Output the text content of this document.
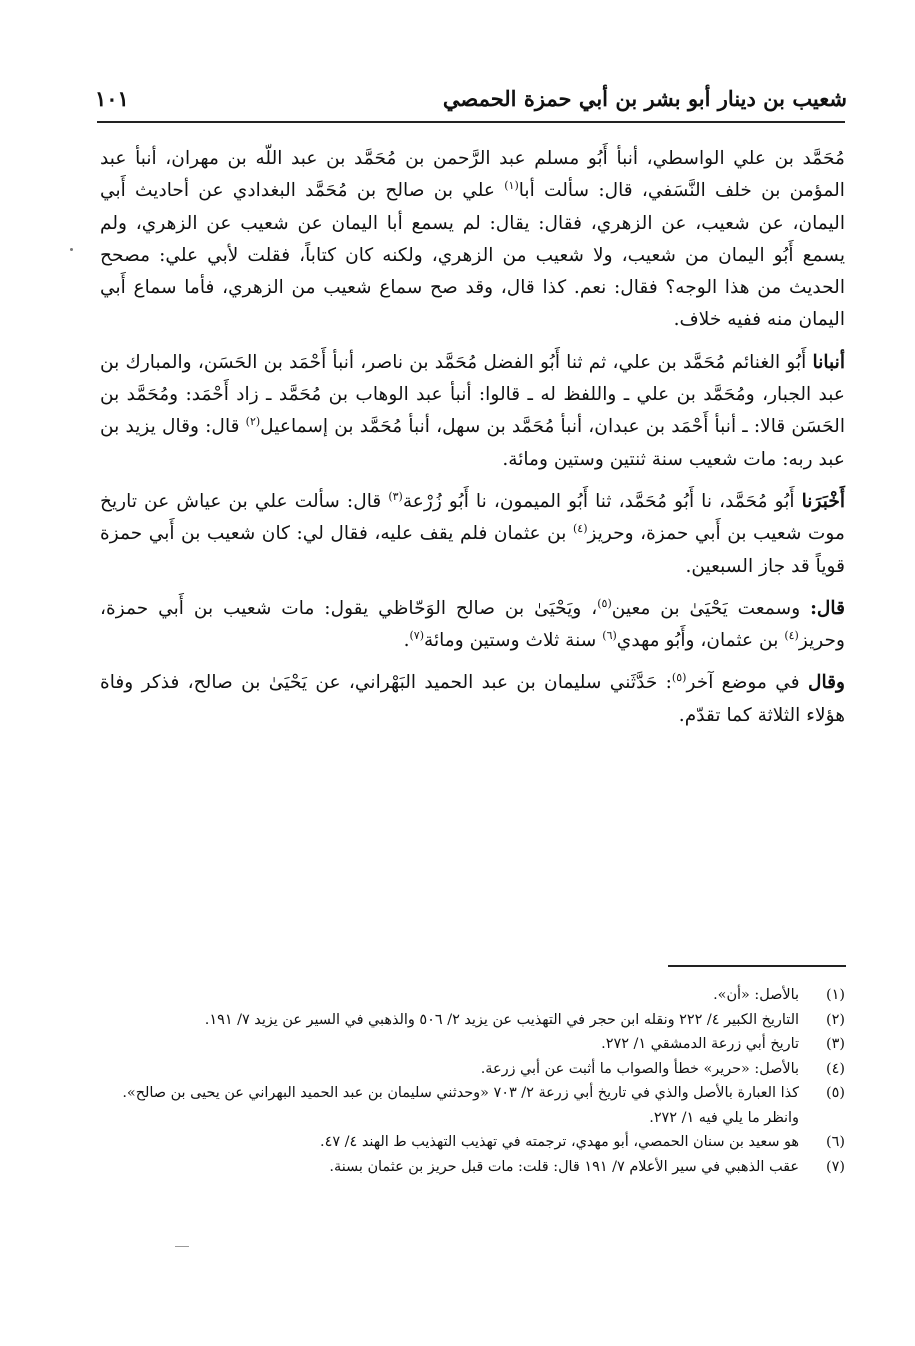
شعيب بن دينار أبو بشر بن أبي حمزة الحمصي
١٠١

مُحَمَّد بن علي الواسطي، أنبأ أَبُو مسلم عبد الرَّحمن بن مُحَمَّد بن عبد اللّه بن مهران، أنبأ عبد المؤمن بن خلف النَّسَفي، قال: سألت أبا$^{(١)}$ علي بن صالح بن مُحَمَّد البغدادي عن أحاديث أَبي اليمان، عن شعيب، عن الزهري، فقال: يقال: لم يسمع أبا اليمان عن شعيب عن الزهري، ولم يسمع أَبُو اليمان من شعيب، ولا شعيب من الزهري، ولكنه كان كتاباً، فقلت لأبي علي: مصحح الحديث من هذا الوجه؟ فقال: نعم. كذا قال، وقد صح سماع شعيب من الزهري، فأما سماع أَبي اليمان منه ففيه خلاف.

أنبانا أَبُو الغنائم مُحَمَّد بن علي، ثم ثنا أَبُو الفضل مُحَمَّد بن ناصر، أنبأ أَحْمَد بن الحَسَن، والمبارك بن عبد الجبار، ومُحَمَّد بن علي ـ واللفظ له ـ قالوا: أنبأ عبد الوهاب بن مُحَمَّد ـ زاد أَحْمَد: ومُحَمَّد بن الحَسَن قالا: ـ أنبأ أَحْمَد بن عبدان، أنبأ مُحَمَّد بن سهل، أنبأ مُحَمَّد بن إسماعيل$^{(٢)}$ قال: وقال يزيد بن عبد ربه: مات شعيب سنة ثنتين وستين ومائة.

أَخْبَرَنا أَبُو مُحَمَّد، نا أَبُو مُحَمَّد، ثنا أَبُو الميمون، نا أَبُو زُرْعة$^{(٣)}$ قال: سألت علي بن عياش عن تاريخ موت شعيب بن أَبي حمزة، وحريز$^{(٤)}$ بن عثمان فلم يقف عليه، فقال لي: كان شعيب بن أَبي حمزة قوياً قد جاز السبعين.

قال: وسمعت يَحْيَىٰ بن معين$^{(٥)}$، ويَحْيَىٰ بن صالح الوَحّاظي يقول: مات شعيب بن أَبي حمزة، وحريز$^{(٤)}$ بن عثمان، وأَبُو مهدي$^{(٦)}$ سنة ثلاث وستين ومائة$^{(٧)}$.

وقال في موضع آخر$^{(٥)}$: حَدَّثَني سليمان بن عبد الحميد البَهْراني، عن يَحْيَىٰ بن صالح، فذكر وفاة هؤلاء الثلاثة كما تقدّم.

(١)
بالأصل: «أن».
(٢)
التاريخ الكبير ٤/ ٢٢٢ ونقله ابن حجر في التهذيب عن يزيد ٢/ ٥٠٦ والذهبي في السير عن يزيد ٧/ ١٩١.
(٣)
تاريخ أبي زرعة الدمشقي ١/ ٢٧٢.
(٤)
بالأصل: «حرير» خطأ والصواب ما أثبت عن أبي زرعة.
(٥)
كذا العبارة بالأصل والذي في تاريخ أبي زرعة ٢/ ٧٠٣ «وحدثني سليمان بن عبد الحميد البهراني عن يحيى بن صالح».
وانظر ما يلي فيه ١/ ٢٧٢.
(٦)
هو سعيد بن سنان الحمصي، أبو مهدي، ترجمته في تهذيب التهذيب ط الهند ٤/ ٤٧.
(٧)
عقب الذهبي في سير الأعلام ٧/ ١٩١ قال: قلت: مات قبل حريز بن عثمان بسنة.
